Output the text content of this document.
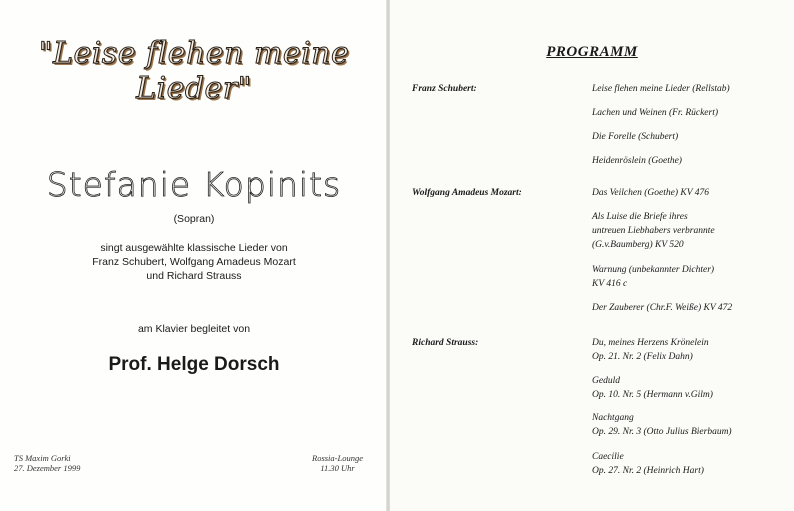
"Leise flehen meine Lieder"
Stefanie Kopinits
(Sopran)
singt ausgewählte klassische Lieder von
Franz Schubert, Wolfgang Amadeus Mozart
und Richard Strauss
am Klavier begleitet von
Prof. Helge Dorsch
TS Maxim Gorki
27. Dezember 1999
Rossia-Lounge
11.30 Uhr
PROGRAMM
Franz Schubert:	Leise flehen meine Lieder (Rellstab)
Lachen und Weinen (Fr. Rückert)
Die Forelle (Schubert)
Heidenröslein (Goethe)
Wolfgang Amadeus Mozart:	Das Veilchen (Goethe) KV 476
Als Luise die Briefe ihres
untreuen Liebhabers verbrannte
(G.v.Baumberg) KV 520
Warnung (unbekannter Dichter)
KV 416 c
Der Zauberer (Chr.F. Weiße) KV 472
Richard Strauss:	Du, meines Herzens Krönelein
Op. 21. Nr. 2 (Felix Dahn)
Geduld
Op. 10. Nr. 5 (Hermann v.Gilm)
Nachtgang
Op. 29. Nr. 3 (Otto Julius Bierbaum)
Caecilie
Op. 27. Nr. 2 (Heinrich Hart)
